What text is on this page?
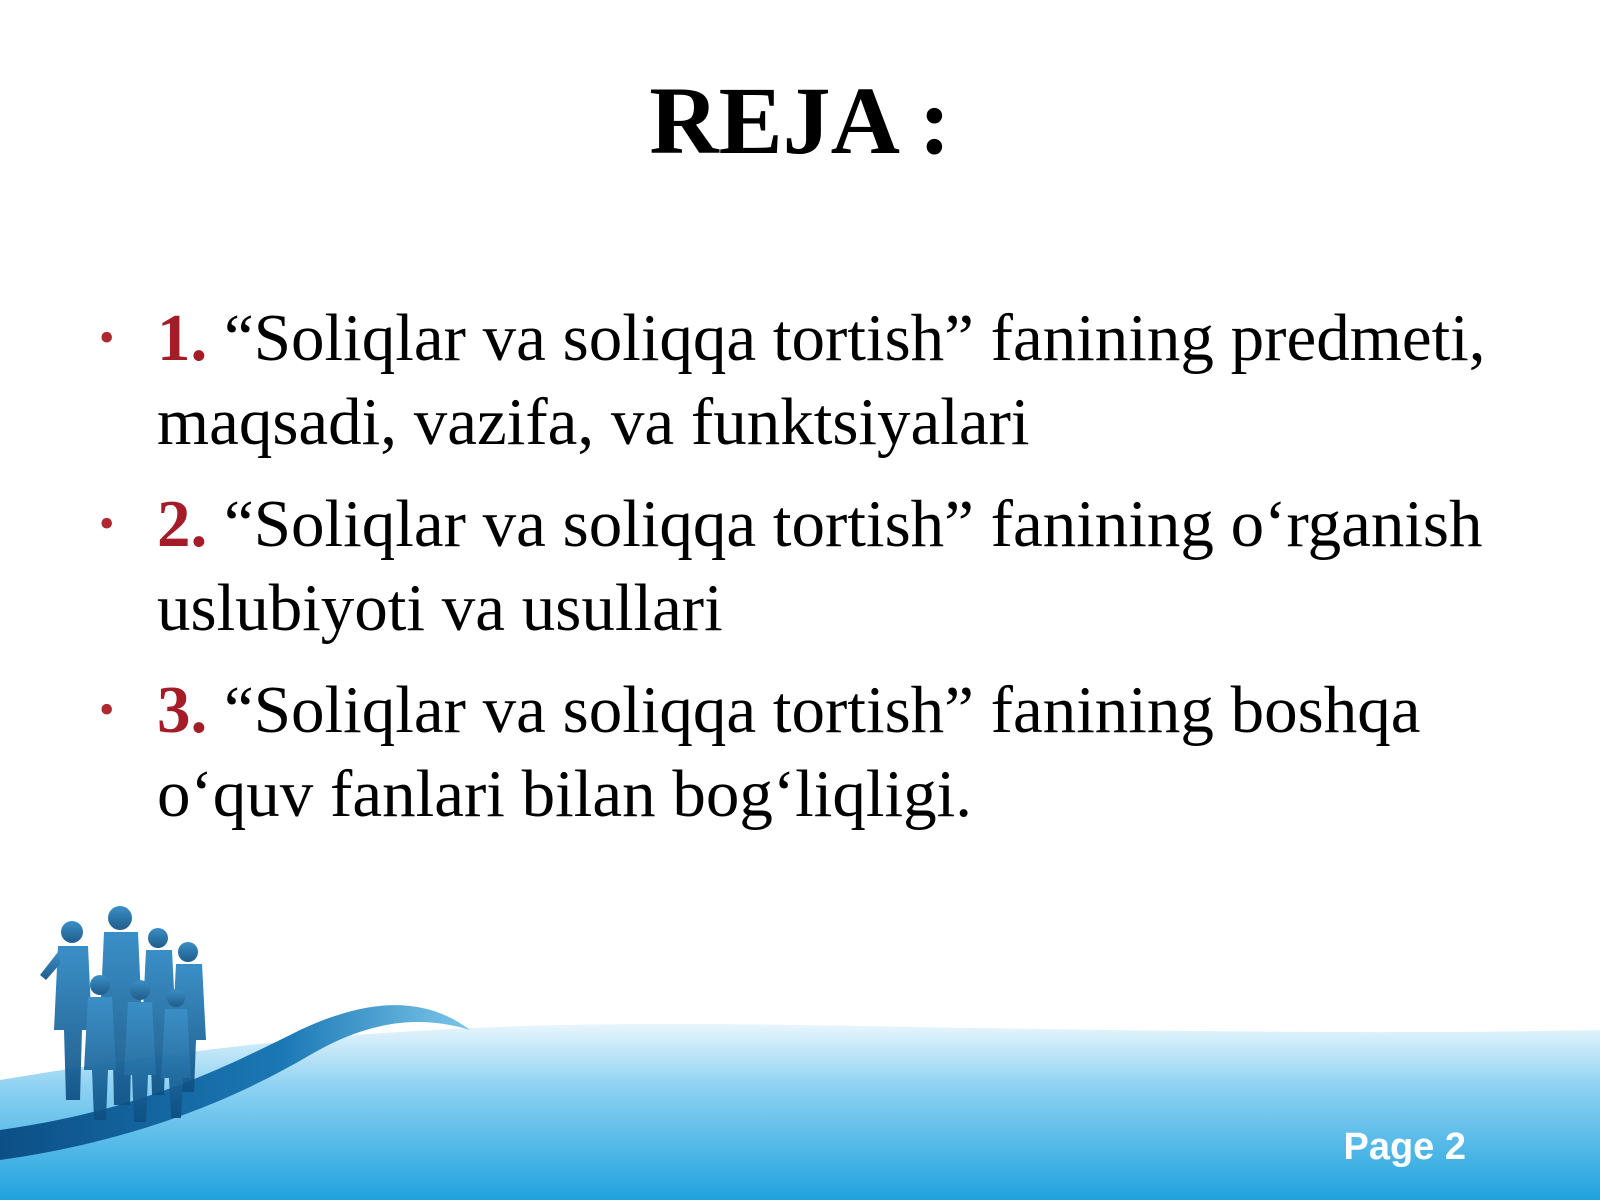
REJA :
• 1. “Soliqlar va soliqqa tortish” fanining predmeti, maqsadi, vazifa, va funktsiyalari
• 2. “Soliqlar va soliqqa tortish” fanining o‘rganish uslubiyoti va usullari
• 3. “Soliqlar va soliqqa tortish” fanining boshqa o‘quv fanlari bilan bog‘liqligi.
Page 2
